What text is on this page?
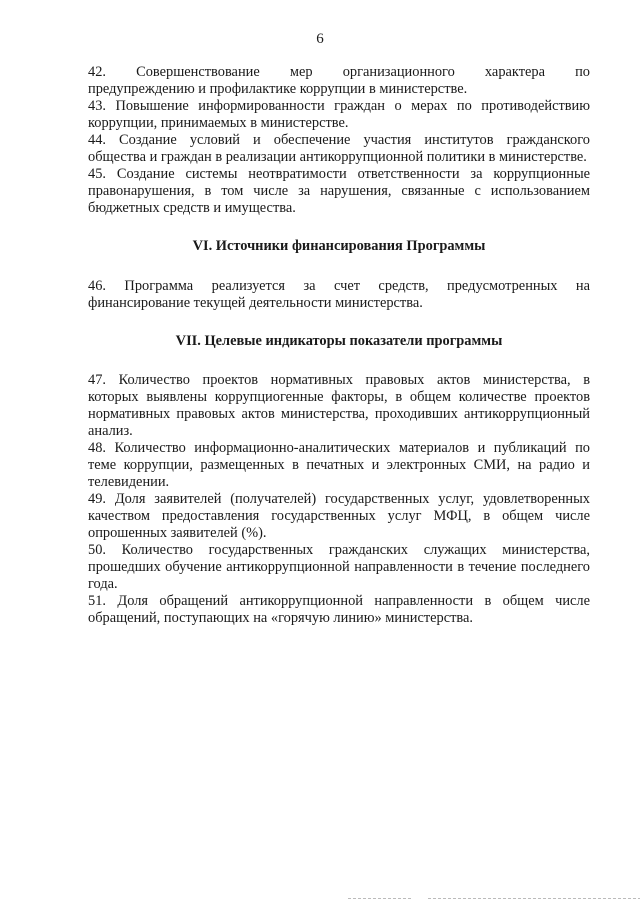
6
42. Совершенствование мер организационного характера по
предупреждению и профилактике коррупции в министерстве.
43. Повышение информированности граждан о мерах по противодействию
коррупции, принимаемых в министерстве.
44. Создание условий и обеспечение участия институтов гражданского
общества и граждан в реализации антикоррупционной политики в министерстве.
45. Создание системы неотвратимости ответственности за коррупционные
правонарушения, в том числе за нарушения, связанные с использованием
бюджетных средств и имущества.
VI. Источники финансирования Программы
46. Программа реализуется за счет средств, предусмотренных на
финансирование текущей деятельности министерства.
VII. Целевые индикаторы показатели программы
47. Количество проектов нормативных правовых актов министерства, в
которых выявлены коррупциогенные факторы, в общем количестве проектов
нормативных правовых актов министерства, проходивших антикоррупционный
анализ.
48. Количество информационно-аналитических материалов и публикаций по
теме коррупции, размещенных в печатных и электронных СМИ, на радио и
телевидении.
49. Доля заявителей (получателей) государственных услуг, удовлетворенных
качеством предоставления государственных услуг МФЦ, в общем числе
опрошенных заявителей (%).
50. Количество государственных гражданских служащих министерства,
прошедших обучение антикоррупционной направленности в течение последнего
года.
51. Доля обращений антикоррупционной направленности в общем числе
обращений, поступающих на «горячую линию» министерства.
